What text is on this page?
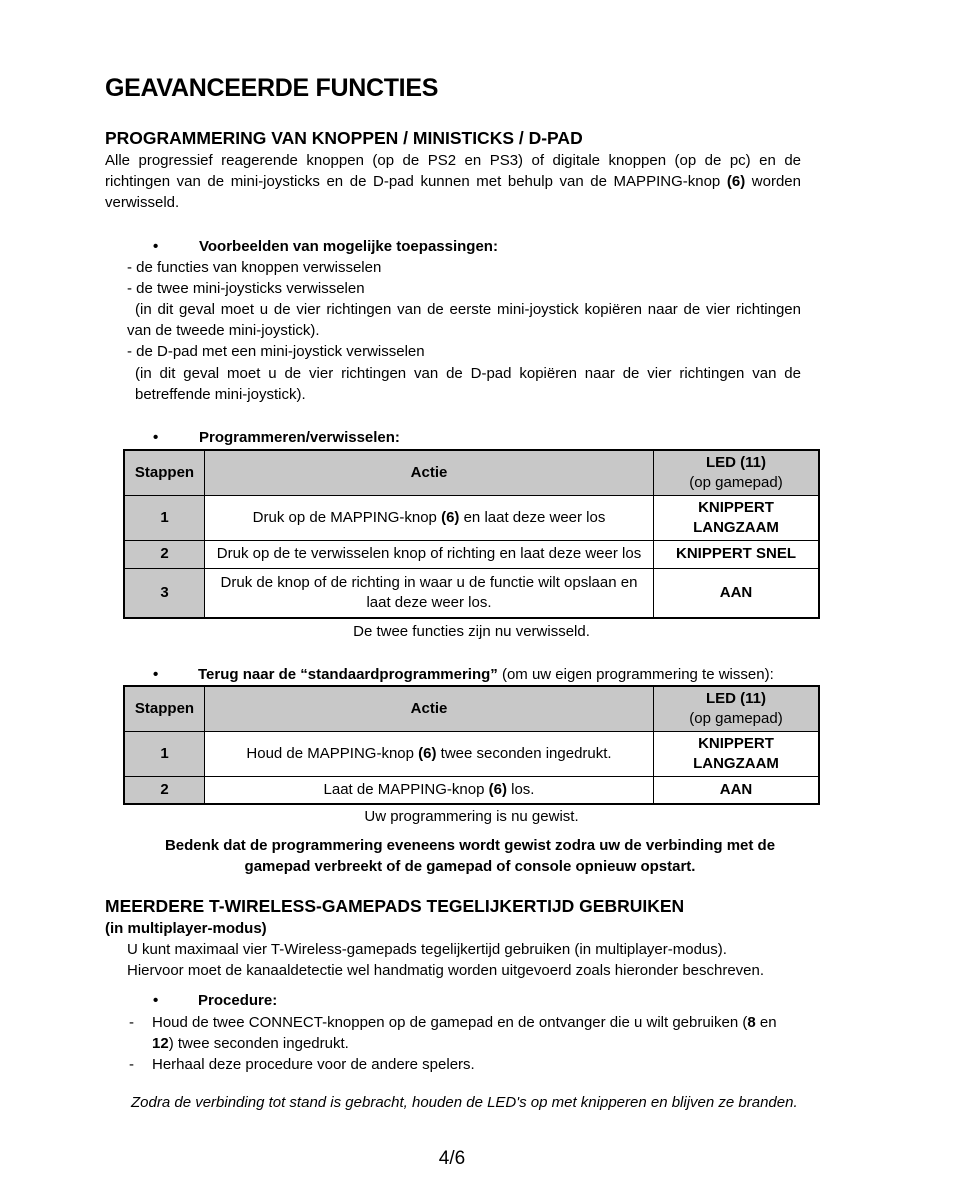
GEAVANCEERDE FUNCTIES
PROGRAMMERING VAN KNOPPEN / MINISTICKS / D-PAD

Alle progressief reagerende knoppen (op de PS2 en PS3) of digitale knoppen (op de pc) en de richtingen van de mini-joysticks en de D-pad kunnen met behulp van de MAPPING-knop (6) worden verwisseld.

•	Voorbeelden van mogelijke toepassingen:

- de functies van knoppen verwisselen

- de twee mini-joysticks verwisselen

(in dit geval moet u de vier richtingen van de eerste mini-joystick kopiëren naar de vier richtingen van de tweede mini-joystick).

- de D-pad met een mini-joystick verwisselen

(in dit geval moet u de vier richtingen van de D-pad kopiëren naar de vier richtingen van de betreffende mini-joystick).

•	Programmeren/verwisselen:
Stappen	Actie	LED (11)
(op gamepad)
1	Druk op de MAPPING-knop (6) en laat deze weer los	KNIPPERT LANGZAAM
2	Druk op de te verwisselen knop of richting en laat deze weer los	KNIPPERT SNEL
3	Druk de knop of de richting in waar u de functie wilt opslaan en laat deze weer los.	AAN

De twee functies zijn nu verwisseld.

•	Terug naar de “standaardprogrammering” (om uw eigen programmering te wissen):
Stappen	Actie	LED (11)
(op gamepad)
1	Houd de MAPPING-knop (6) twee seconden ingedrukt.	KNIPPERT LANGZAAM
2	Laat de MAPPING-knop (6) los.	AAN

Uw programmering is nu gewist.

Bedenk dat de programmering eveneens wordt gewist zodra uw de verbinding met de gamepad verbreekt of de gamepad of console opnieuw opstart.

MEERDERE T-WIRELESS-GAMEPADS TEGELIJKERTIJD GEBRUIKEN

(in multiplayer-modus)

U kunt maximaal vier T-Wireless-gamepads tegelijkertijd gebruiken (in multiplayer-modus).

Hiervoor moet de kanaaldetectie wel handmatig worden uitgevoerd zoals hieronder beschreven.

•	Procedure:
- Houd de twee CONNECT-knoppen op de gamepad en de ontvanger die u wilt gebruiken (8 en 12) twee seconden ingedrukt.

- Herhaal deze procedure voor de andere spelers.

Zodra de verbinding tot stand is gebracht, houden de LED's op met knipperen en blijven ze branden.

4/6
